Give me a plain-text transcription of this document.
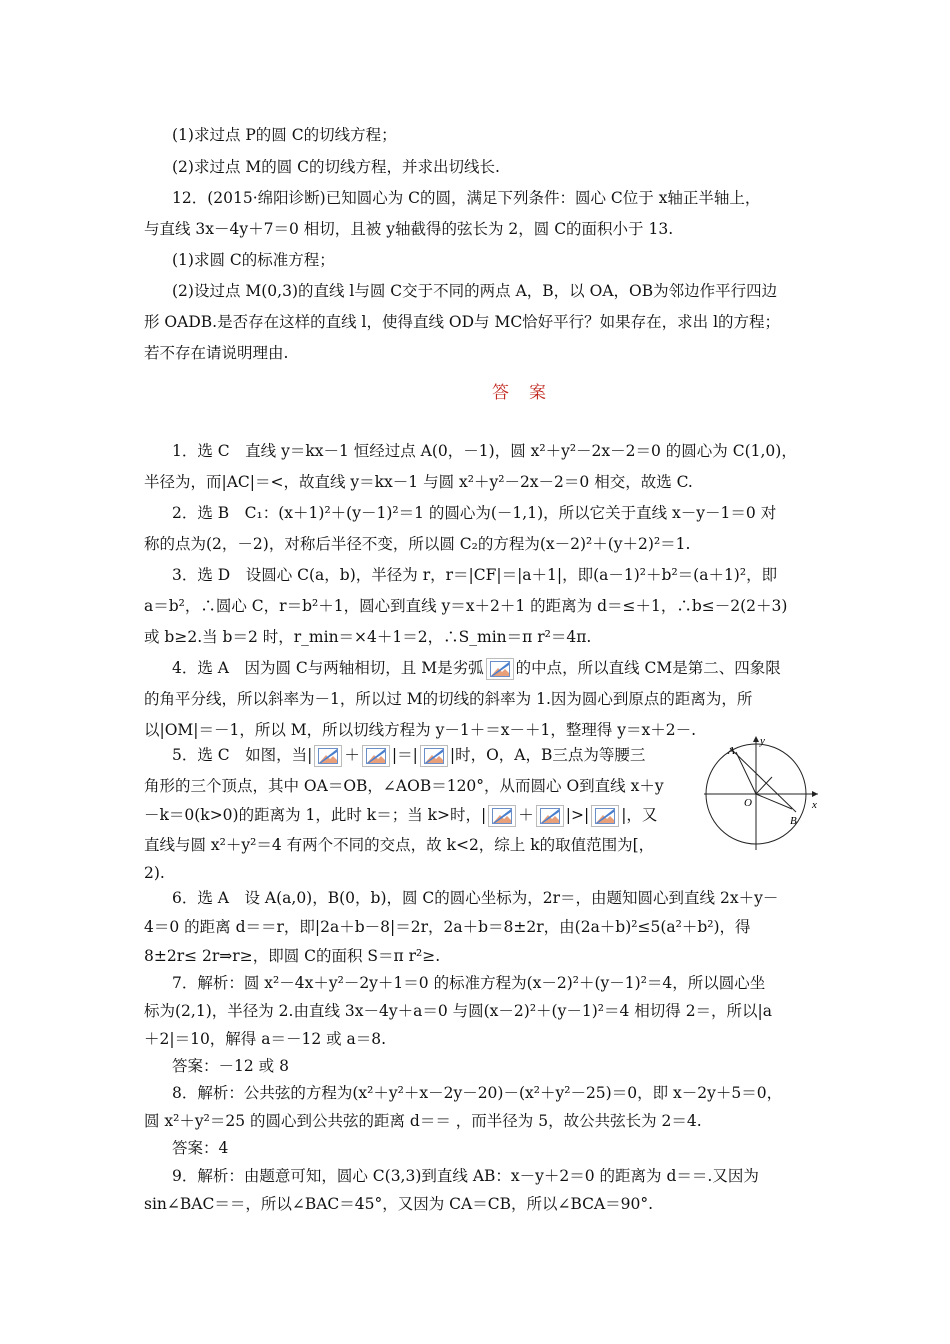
(1)求过点 P的圆 C的切线方程；
(2)求过点 M的圆 C的切线方程，并求出切线长.
12．(2015·绵阳诊断)已知圆心为 C的圆，满足下列条件：圆心 C位于 x轴正半轴上，
与直线 3x－4y＋7＝0 相切，且被 y轴截得的弦长为 2，圆 C的面积小于 13.
(1)求圆 C的标准方程；
(2)设过点 M(0,3)的直线 l与圆 C交于不同的两点 A，B，以 OA，OB为邻边作平行四边
形 OADB.是否存在这样的直线 l，使得直线 OD与 MC恰好平行？如果存在，求出 l的方程；
若不存在请说明理由.
答案
1．选 C　直线 y＝kx－1 恒经过点 A(0，－1)，圆 x²＋y²－2x－2＝0 的圆心为 C(1,0)，
半径为，而|AC|＝<，故直线 y＝kx－1 与圆 x²＋y²－2x－2＝0 相交，故选 C.
2．选 B　C₁：(x＋1)²＋(y－1)²＝1 的圆心为(－1,1)，所以它关于直线 x－y－1＝0 对
称的点为(2，－2)，对称后半径不变，所以圆 C₂的方程为(x－2)²＋(y＋2)²＝1.
3．选 D　设圆心 C(a，b)，半径为 r，r＝|CF|＝|a＋1|，即(a－1)²＋b²＝(a＋1)²，即
a＝b²，∴圆心 C，r＝b²＋1，圆心到直线 y＝x＋2＋1 的距离为 d＝≤＋1，∴b≤－2(2＋3)
或 b≥2.当 b＝2 时，r_min＝×4＋1＝2，∴S_min＝π r²＝4π.
4．选 A　因为圆 C与两轴相切，且 M是劣弧 的中点，所以直线 CM是第二、四象限
的角平分线，所以斜率为－1，所以过 M的切线的斜率为 1.因为圆心到原点的距离为，所
以|OM|＝－1，所以 M，所以切线方程为 y－1＋＝x－＋1，整理得 y＝x＋2－.
5．选 C　如图，当| ＋ |＝| |时，O，A，B三点为等腰三
角形的三个顶点，其中 OA＝OB，∠AOB＝120°，从而圆心 O到直线 x＋y
－k＝0(k>0)的距离为 1，此时 k＝；当 k>时，| ＋ |>| |，又
直线与圆 x²＋y²＝4 有两个不同的交点，故 k<2，综上 k的取值范围为[，
2).
y
x
O
A
B
6．选 A　设 A(a,0)，B(0，b)，圆 C的圆心坐标为，2r＝，由题知圆心到直线 2x＋y－
4＝0 的距离 d＝＝r，即|2a＋b－8|＝2r，2a＋b＝8±2r，由(2a＋b)²≤5(a²＋b²)，得
8±2r≤ 2r⇒r≥，即圆 C的面积 S＝π r²≥.
7．解析：圆 x²－4x＋y²－2y＋1＝0 的标准方程为(x－2)²＋(y－1)²＝4，所以圆心坐
标为(2,1)，半径为 2.由直线 3x－4y＋a＝0 与圆(x－2)²＋(y－1)²＝4 相切得 2＝，所以|a
＋2|＝10，解得 a＝－12 或 a＝8.
答案：－12 或 8
8．解析：公共弦的方程为(x²＋y²＋x－2y－20)－(x²＋y²－25)＝0，即 x－2y＋5＝0，
圆 x²＋y²＝25 的圆心到公共弦的距离 d＝＝ ，而半径为 5，故公共弦长为 2＝4.
答案：4
9．解析：由题意可知，圆心 C(3,3)到直线 AB：x－y＋2＝0 的距离为 d＝＝.又因为
sin∠BAC＝＝，所以∠BAC＝45°，又因为 CA＝CB，所以∠BCA＝90°.
